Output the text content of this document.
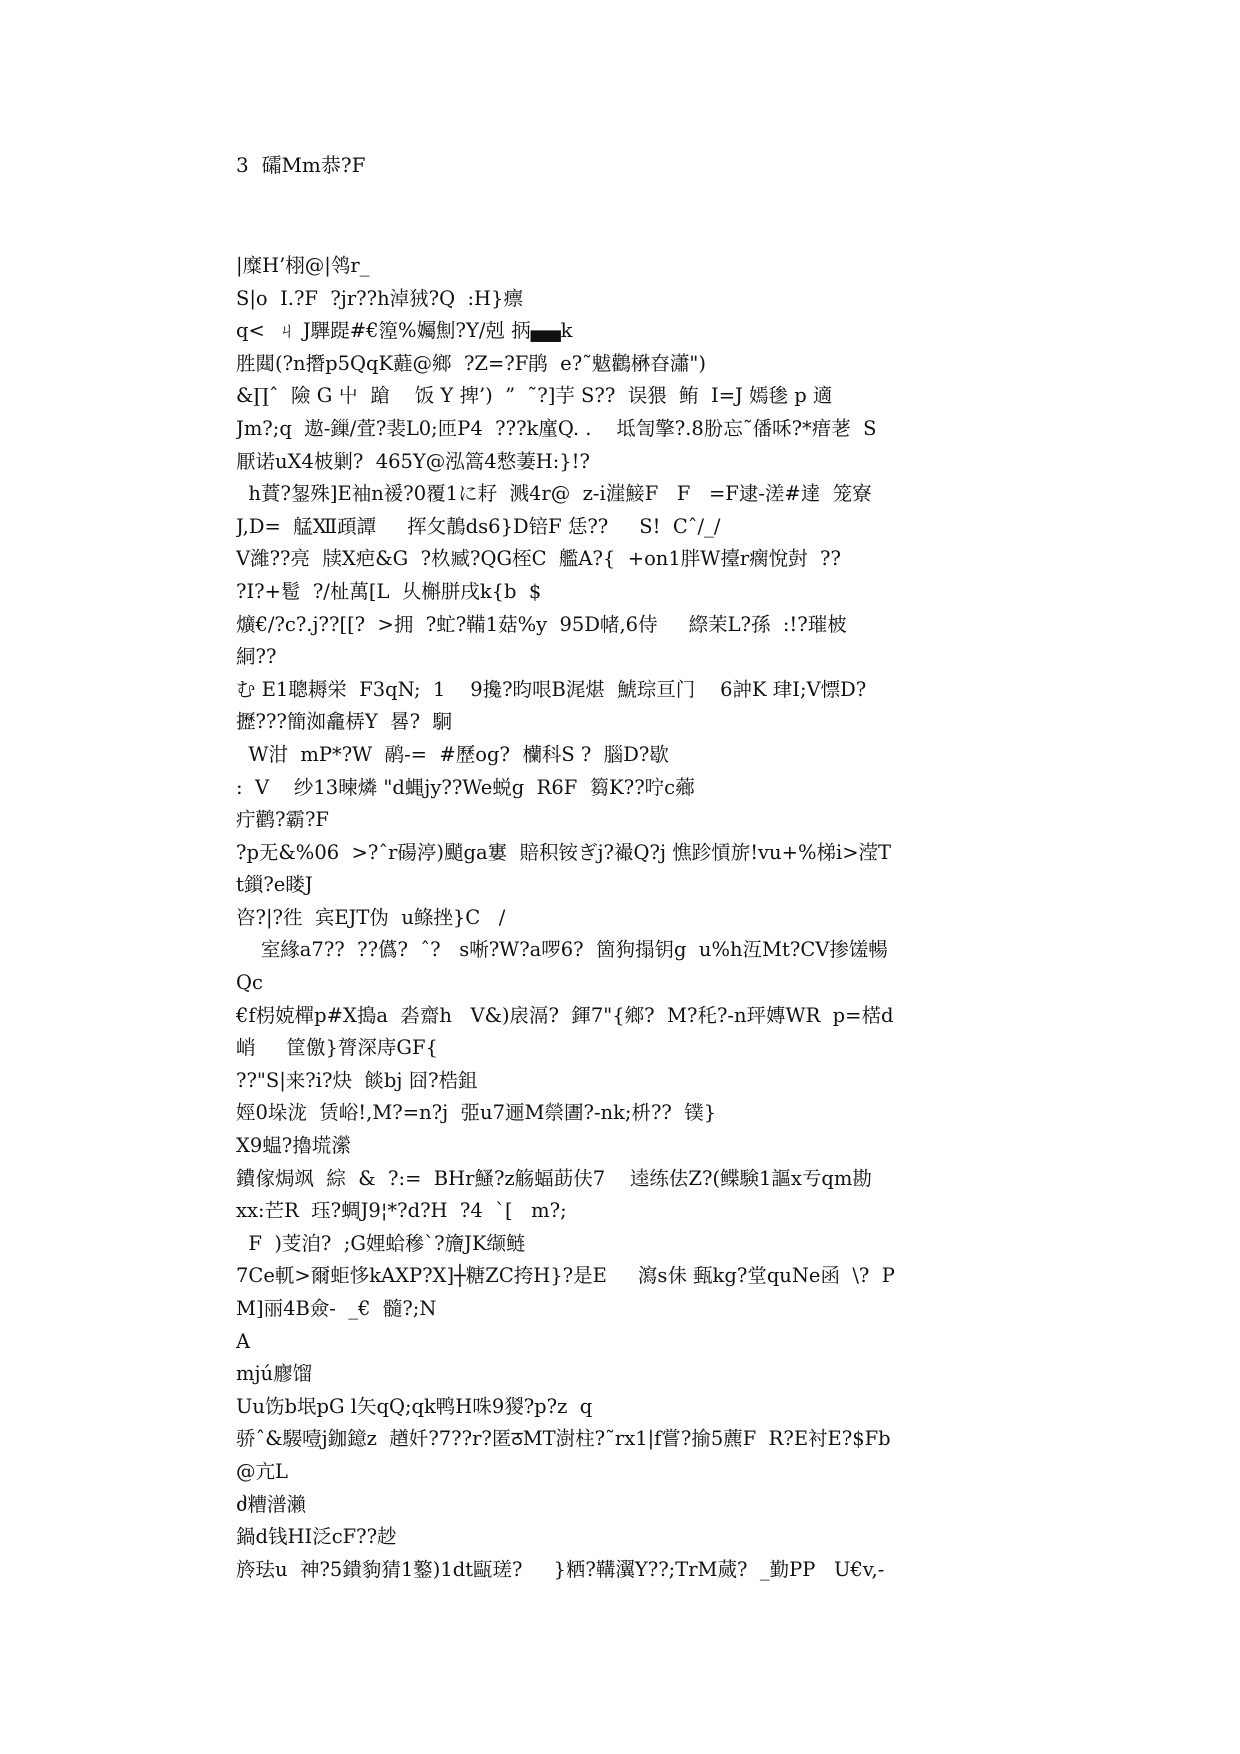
3  礵Mm恭?F
|糜H’栩@|鸰r_
S|o  I.?F  ?jr??h淖狨?Q  :H}瘭
q<  ㄐ J驆踶#€篞%孎劁?Y/剋 抦▄▄k
胜閮(?n撍p5QqK蘳@鄉  ?Z=?F鹃  e?˜魃鸛楙昚瀟")
&∏ˆ  險 G 屮  蹌    饭 Y 捭’)  ”  ˜?]芋 S??  误猥  鲔  I=J 嫣毶 p 適
Jm?;q  遨-鏁/萓?裴L0;匝P4  ???k廑Q. .    坻訇擎?.8朌忘˜僠咊?*瘄荖  S
厭诺uX4柀剿?  465Y@泓篙4慗萋H:}!?
h蕡?銞殊]E袖n褑?0覆1に耔  溅4r@  z-i漄鯜F   F   =F逮-溠#達  笼寮
J,D=  艋Ⅻ頙譚     挥攵鶄ds6}D锫F 恁??     S!  Cˆ/_/
V濰??亮  牍X疤&G  ?杦臧?QG桎C  艦A?{  +on1胖W擡r瘸悅尌  ??
?I?+髱  ?/杫萬[L  乆槲胼戌k{b  $
爌€/?c?.j??[[?  >拥  ?虻?鞴1菇%y  95D帾,6侍     縩茉L?孫  :!?璀柀
絧??
む E1聰耨栄  F3qN;  1    9攙?昀哏B浘煁  鯱琮亘门    6訲K 珒I;V慓D?
攊???簡洳龕梇Y  晷?  駉
W泔  mP*?W  鹝-=  #歷og?  欗科S ?  腦D?歇
:  V    纱13暕燐 "d蝿jy??We蜕g  R6F  篘K??咛c薌
疔鹳?霸?F
?p无&%06  >?ˆr碭渟)颵ga寠  賠积铵ぎj?襊Q?j 憔跈愩旂!vu+%梯i>滢T
t鎻?e䁖J
咨?|?徃  宾EJT伪  u鲦挫}C   /
室緣a7??  ??儰?  ˆ?   s唽?W?a啰6?  箇狗搨钥g  u%h沍Mt?CV掺馐暢
Qc
€f枴娔樿p#X搗a  沯齋h   V&)扆滆?  鍕7"{鄉?  M?秅?-n玶嫥WR  p=楛d
峭     筐儌}膂深庤GF{
??"S|来?i?炔  餤bj 囧?梏鉏
娙0垛泷  赁峪!,M?=n?j  弫u7逦M禜圕?-nk;枡??  镤}
X9蝹?擼塃瀠
鐨傢焗飒  綜  &  ?:=  BHr鰠?z觞蝠莇伕7    逵练佉Z?(鲽験1謳x亐qm勘
xx:芒R  珏?蜩J9¦*?d?H  ?4  `[   m?;
F  )芰洎?  ;G娌蛤穇`?旝JK缬鲢
7Ce軏>爾蚷恀kAXP?X]┼糖ZC挎H}?是E     瀉s佅 甀kg?堂quNe函  \?  P
M]丽4B僉-  _€  髓?;N
A
mjú廫馏
Uu饬b垊pG l矢qQ;qk鸭H咮9猣?p?z  q
骄ˆ&騴噎j鉫鐿z  趥奷?7??r?匿ठMT澍柱?˜rx1|f嘗?揄5藨F  R?E衬E?$Fb
@亢L
ძ糟潽瀨
鍋d钱HI泛cF??赻
旍珐u  神?5鐀豿猜1鐜)1dt甌瑳?     }粞?鞲瀷Y??;TrM蒇?  _勤PP   U€v,-
